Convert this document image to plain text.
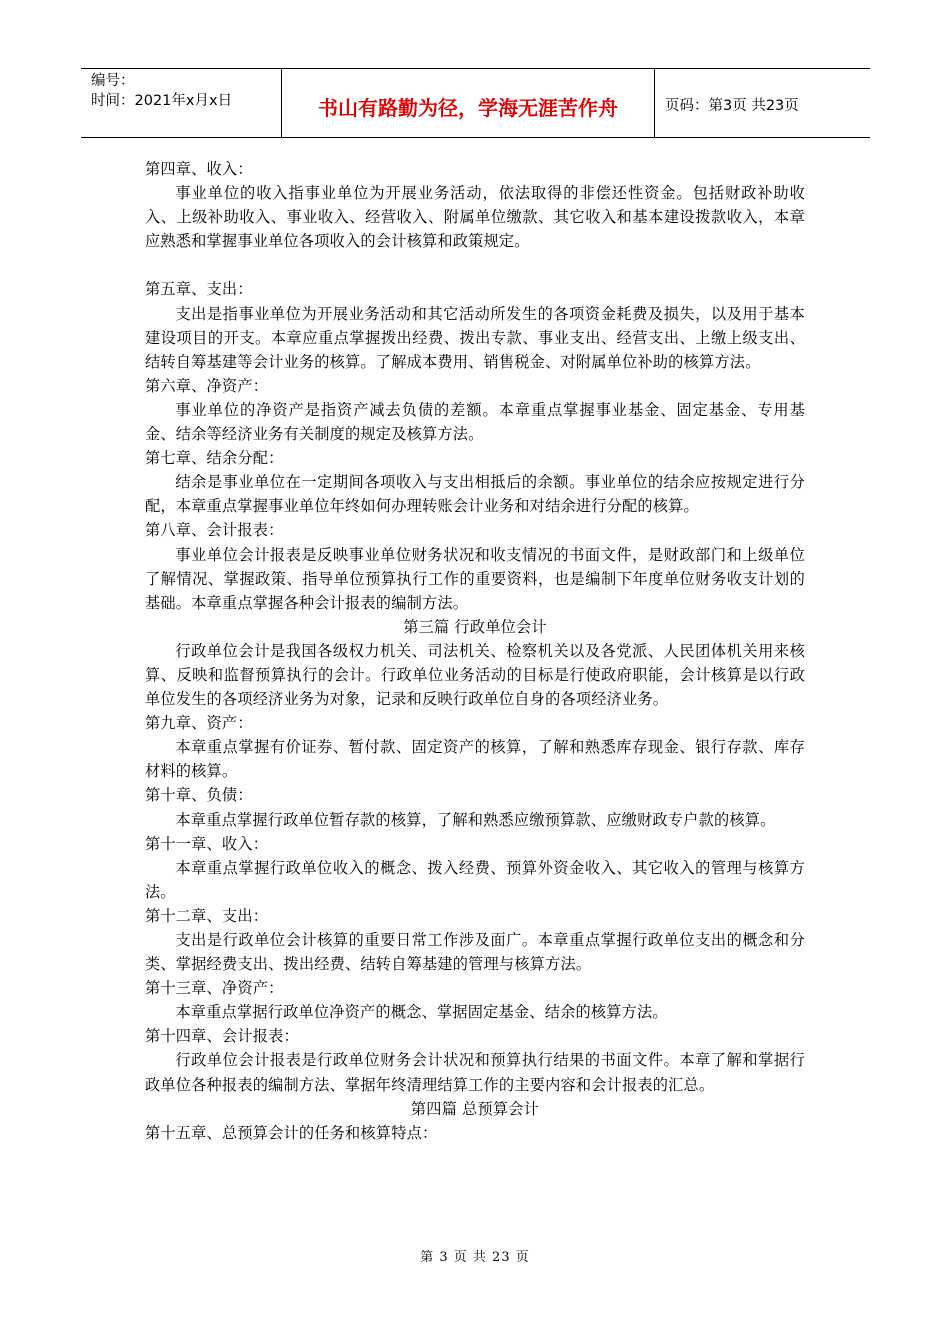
编号：
时间：2021年x月x日	书山有路勤为径，学海无涯苦作舟	页码：第3页 共23页

第四章、收入：

事业单位的收入指事业单位为开展业务活动，依法取得的非偿还性资金。包括财政补助收入、上级补助收入、事业收入、经营收入、附属单位缴款、其它收入和基本建设拨款收入，本章应熟悉和掌握事业单位各项收入的会计核算和政策规定。

第五章、支出：

支出是指事业单位为开展业务活动和其它活动所发生的各项资金耗费及损失，以及用于基本建设项目的开支。本章应重点掌握拨出经费、拨出专款、事业支出、经营支出、上缴上级支出、结转自筹基建等会计业务的核算。了解成本费用、销售税金、对附属单位补助的核算方法。

第六章、净资产：

事业单位的净资产是指资产减去负债的差额。本章重点掌握事业基金、固定基金、专用基金、结余等经济业务有关制度的规定及核算方法。

第七章、结余分配：

结余是事业单位在一定期间各项收入与支出相抵后的余额。事业单位的结余应按规定进行分配，本章重点掌握事业单位年终如何办理转账会计业务和对结余进行分配的核算。

第八章、会计报表：

事业单位会计报表是反映事业单位财务状况和收支情况的书面文件，是财政部门和上级单位了解情况、掌握政策、指导单位预算执行工作的重要资料，也是编制下年度单位财务收支计划的基础。本章重点掌握各种会计报表的编制方法。

第三篇 行政单位会计

行政单位会计是我国各级权力机关、司法机关、检察机关以及各党派、人民团体机关用来核算、反映和监督预算执行的会计。行政单位业务活动的目标是行使政府职能，会计核算是以行政单位发生的各项经济业务为对象，记录和反映行政单位自身的各项经济业务。

第九章、资产：

本章重点掌握有价证券、暂付款、固定资产的核算，了解和熟悉库存现金、银行存款、库存材料的核算。

第十章、负债：

本章重点掌握行政单位暂存款的核算，了解和熟悉应缴预算款、应缴财政专户款的核算。

第十一章、收入：

本章重点掌握行政单位收入的概念、拨入经费、预算外资金收入、其它收入的管理与核算方法。

第十二章、支出：

支出是行政单位会计核算的重要日常工作涉及面广。本章重点掌握行政单位支出的概念和分类、掌据经费支出、拨出经费、结转自筹基建的管理与核算方法。

第十三章、净资产：

本章重点掌据行政单位净资产的概念、掌据固定基金、结余的核算方法。

第十四章、会计报表：

行政单位会计报表是行政单位财务会计状况和预算执行结果的书面文件。本章了解和掌据行政单位各种报表的编制方法、掌据年终清理结算工作的主要内容和会计报表的汇总。

第四篇 总预算会计

第十五章、总预算会计的任务和核算特点：

第 3 页 共 23 页
